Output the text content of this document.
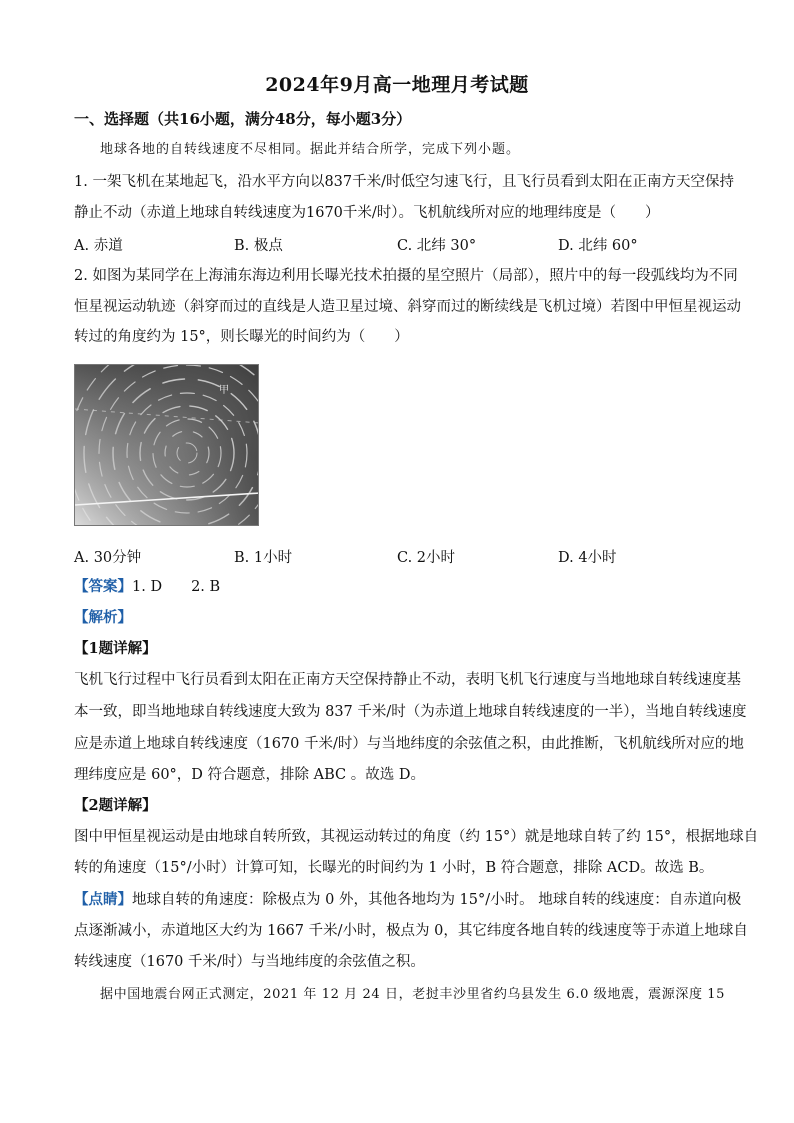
2024年9月高一地理月考试题
一、选择题（共16小题，满分48分，每小题3分）
地球各地的自转线速度不尽相同。据此并结合所学，完成下列小题。
1. 一架飞机在某地起飞，沿水平方向以837千米/时低空匀速飞行，且飞行员看到太阳在正南方天空保持
静止不动（赤道上地球自转线速度为1670千米/时）。飞机航线所对应的地理纬度是（　　）
A. 赤道	B. 极点	C. 北纬 30°	D. 北纬 60°
2. 如图为某同学在上海浦东海边利用长曝光技术拍摄的星空照片（局部），照片中的每一段弧线均为不同
恒星视运动轨迹（斜穿而过的直线是人造卫星过境、斜穿而过的断续线是飞机过境）若图中甲恒星视运动
转过的角度约为 15°，则长曝光的时间约为（　　）
甲
A. 30分钟	B. 1小时	C. 2小时	D. 4小时
【答案】1. D　　2. B
【解析】
【1题详解】
飞机飞行过程中飞行员看到太阳在正南方天空保持静止不动，表明飞机飞行速度与当地地球自转线速度基
本一致，即当地地球自转线速度大致为 837 千米/时（为赤道上地球自转线速度的一半），当地自转线速度
应是赤道上地球自转线速度（1670 千米/时）与当地纬度的余弦值之积，由此推断，飞机航线所对应的地
理纬度应是 60°，D 符合题意，排除 ABC 。故选 D。
【2题详解】
图中甲恒星视运动是由地球自转所致，其视运动转过的角度（约 15°）就是地球自转了约 15°，根据地球自
转的角速度（15°/小时）计算可知，长曝光的时间约为 1 小时，B 符合题意，排除 ACD。故选 B。
【点睛】地球自转的角速度：除极点为 0 外，其他各地均为 15°/小时。 地球自转的线速度：自赤道向极
点逐渐减小，赤道地区大约为 1667 千米/小时，极点为 0，其它纬度各地自转的线速度等于赤道上地球自
转线速度（1670 千米/时）与当地纬度的余弦值之积。
据中国地震台网正式测定，2021 年 12 月 24 日，老挝丰沙里省约乌县发生 6.0 级地震，震源深度 15
